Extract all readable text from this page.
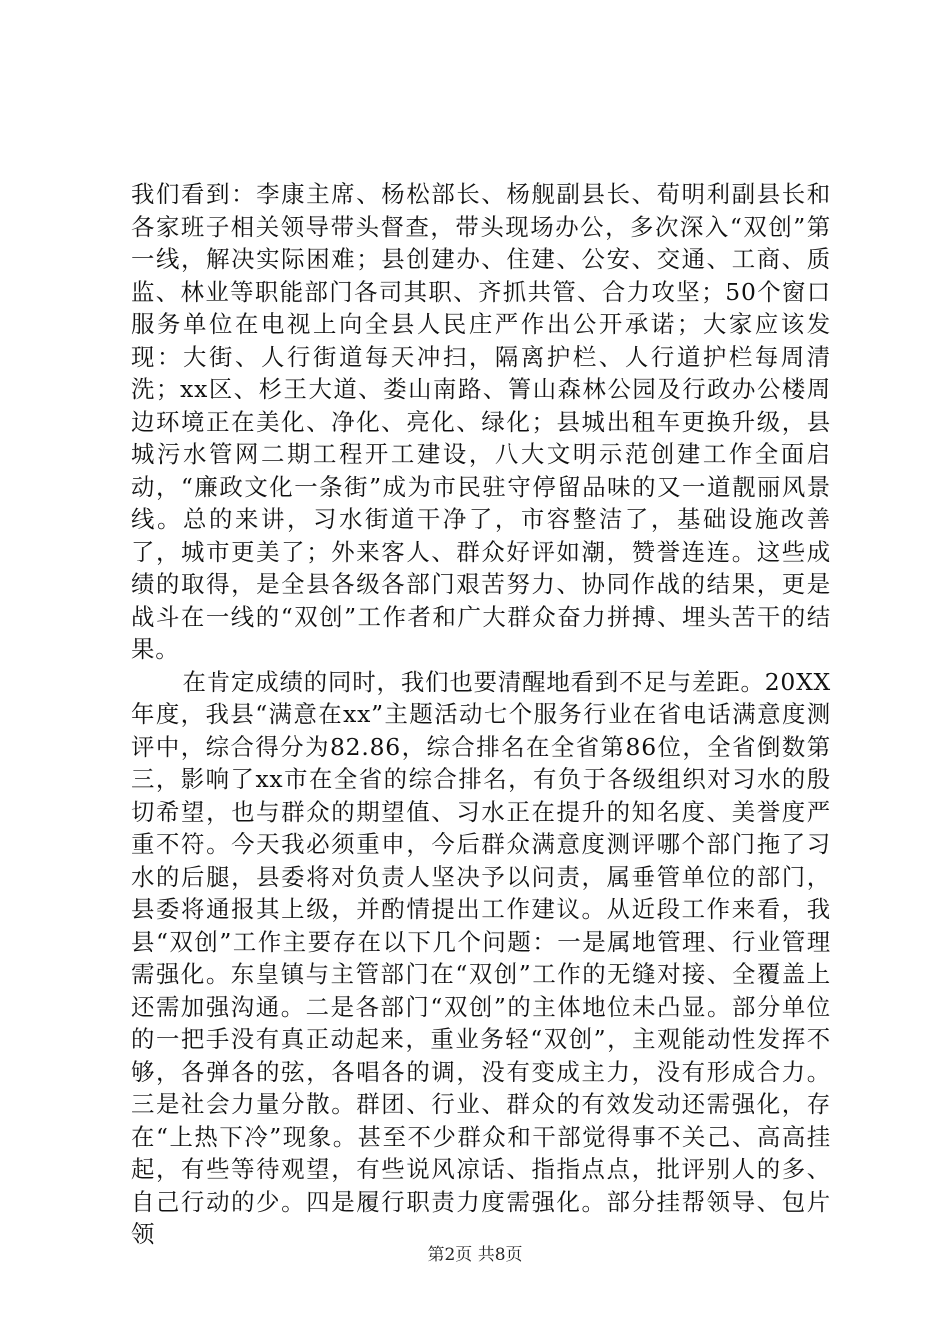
我们看到：李康主席、杨松部长、杨舰副县长、荀明利副县长和各家班子相关领导带头督查，带头现场办公，多次深入“双创”第一线，解决实际困难；县创建办、住建、公安、交通、工商、质监、林业等职能部门各司其职、齐抓共管、合力攻坚；50个窗口服务单位在电视上向全县人民庄严作出公开承诺；大家应该发现：大街、人行街道每天冲扫，隔离护栏、人行道护栏每周清洗；xx区、杉王大道、娄山南路、箐山森林公园及行政办公楼周边环境正在美化、净化、亮化、绿化；县城出租车更换升级，县城污水管网二期工程开工建设，八大文明示范创建工作全面启动，“廉政文化一条街”成为市民驻守停留品味的又一道靓丽风景线。总的来讲，习水街道干净了，市容整洁了，基础设施改善了，城市更美了；外来客人、群众好评如潮，赞誉连连。这些成绩的取得，是全县各级各部门艰苦努力、协同作战的结果，更是战斗在一线的“双创”工作者和广大群众奋力拼搏、埋头苦干的结果。

在肯定成绩的同时，我们也要清醒地看到不足与差距。20XX年度，我县“满意在xx”主题活动七个服务行业在省电话满意度测评中，综合得分为82.86，综合排名在全省第86位，全省倒数第三，影响了xx市在全省的综合排名，有负于各级组织对习水的殷切希望，也与群众的期望值、习水正在提升的知名度、美誉度严重不符。今天我必须重申，今后群众满意度测评哪个部门拖了习水的后腿，县委将对负责人坚决予以问责，属垂管单位的部门，县委将通报其上级，并酌情提出工作建议。从近段工作来看，我县“双创”工作主要存在以下几个问题：一是属地管理、行业管理需强化。东皇镇与主管部门在“双创”工作的无缝对接、全覆盖上还需加强沟通。二是各部门“双创”的主体地位未凸显。部分单位的一把手没有真正动起来，重业务轻“双创”，主观能动性发挥不够，各弹各的弦，各唱各的调，没有变成主力，没有形成合力。三是社会力量分散。群团、行业、群众的有效发动还需强化，存在“上热下冷”现象。甚至不少群众和干部觉得事不关己、高高挂起，有些等待观望，有些说风凉话、指指点点，批评别人的多、自己行动的少。四是履行职责力度需强化。部分挂帮领导、包片领

第2页 共8页
